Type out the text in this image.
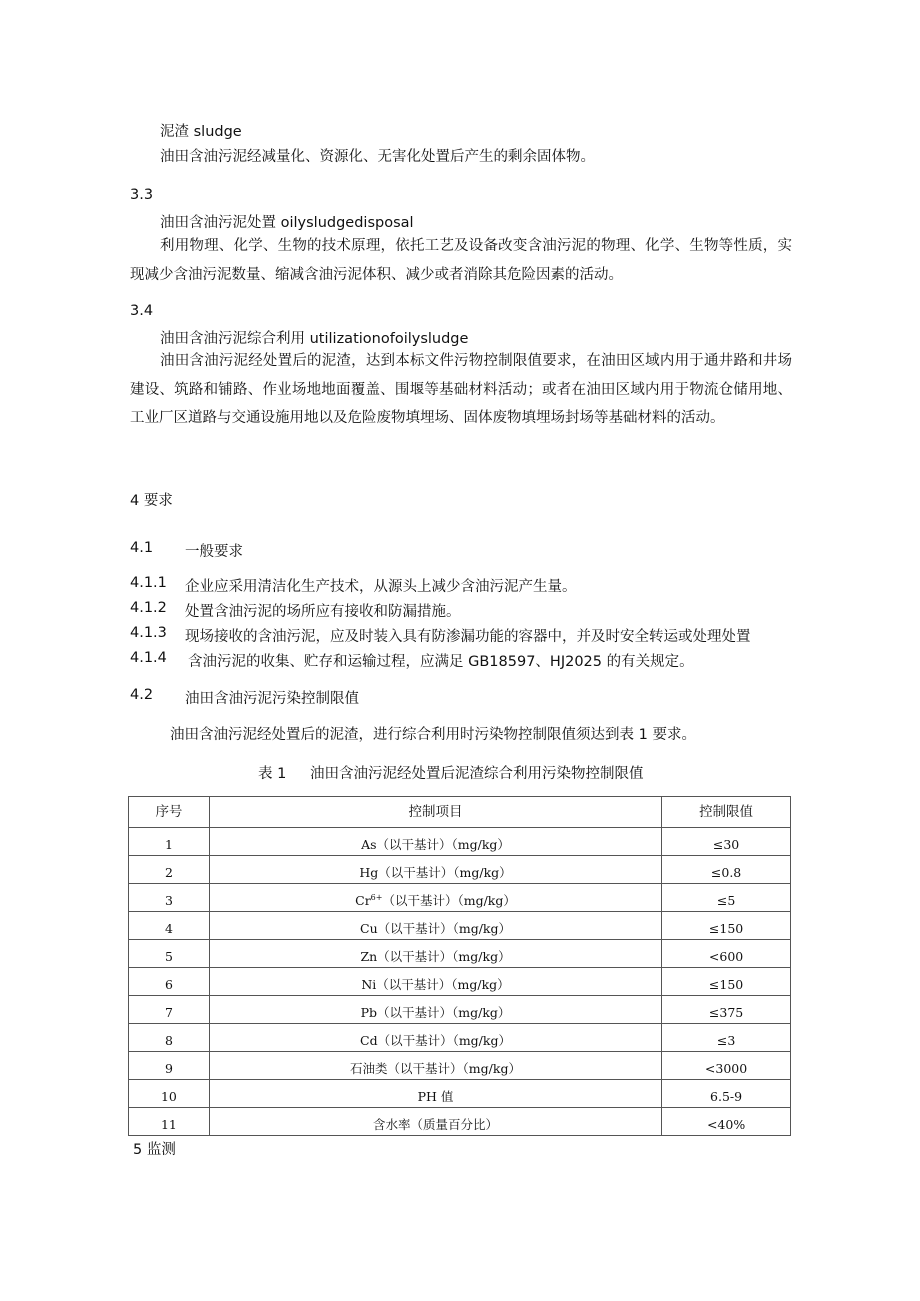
泥渣 sludge
油田含油污泥经减量化、资源化、无害化处置后产生的剩余固体物。
3.3
油田含油污泥处置 oilysludgedisposal
利用物理、化学、生物的技术原理，依托工艺及设备改变含油污泥的物理、化学、生物等性质，实现减少含油污泥数量、缩减含油污泥体积、减少或者消除其危险因素的活动。
3.4
油田含油污泥综合利用 utilizationofoilysludge
油田含油污泥经处置后的泥渣，达到本标文件污物控制限值要求，在油田区域内用于通井路和井场建设、筑路和铺路、作业场地地面覆盖、围堰等基础材料活动；或者在油田区域内用于物流仓储用地、工业厂区道路与交通设施用地以及危险废物填埋场、固体废物填埋场封场等基础材料的活动。
4 要求
4.1 一般要求
4.1.1 企业应采用清洁化生产技术，从源头上减少含油污泥产生量。
4.1.2 处置含油污泥的场所应有接收和防漏措施。
4.1.3 现场接收的含油污泥，应及时装入具有防渗漏功能的容器中，并及时安全转运或处理处置
4.1.4 含油污泥的收集、贮存和运输过程，应满足 GB18597、HJ2025 的有关规定。
4.2 油田含油污泥污染控制限值
油田含油污泥经处置后的泥渣，进行综合利用时污染物控制限值须达到表 1 要求。
表 1 油田含油污泥经处置后泥渣综合利用污染物控制限值
序号	控制项目	控制限值
1	As（以干基计）（mg/kg）	≤30
2	Hg（以干基计）（mg/kg）	≤0.8
3	$Cr^{6+}$（以干基计）（mg/kg）	≤5
4	Cu（以干基计）（mg/kg）	≤150
5	Zn（以干基计）（mg/kg）	<600
6	Ni（以干基计）（mg/kg）	≤150
7	Pb（以干基计）（mg/kg）	≤375
8	Cd（以干基计）（mg/kg）	≤3
9	石油类（以干基计）（mg/kg）	<3000
10	PH 值	6.5-9
11	含水率（质量百分比）	<40%
5 监测
